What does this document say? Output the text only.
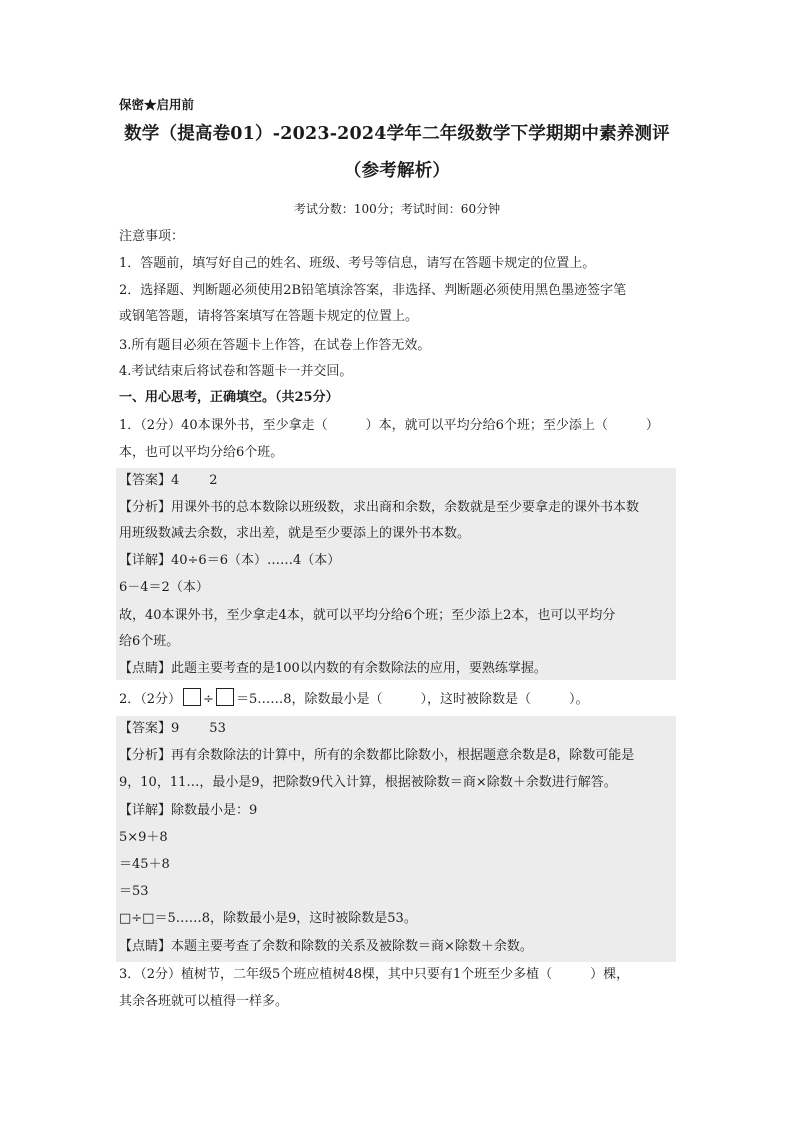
保密★启用前
数学（提高卷01）-2023-2024学年二年级数学下学期期中素养测评
（参考解析）
考试分数：100分；考试时间：60分钟
注意事项：
1．答题前，填写好自己的姓名、班级、考号等信息，请写在答题卡规定的位置上。
2．选择题、判断题必须使用2B铅笔填涂答案，非选择、判断题必须使用黑色墨迹签字笔
或钢笔答题，请将答案填写在答题卡规定的位置上。
3.所有题目必须在答题卡上作答，在试卷上作答无效。
4.考试结束后将试卷和答题卡一并交回。
一、用心思考，正确填空。（共25分）
1．（2分）40本课外书，至少拿走（	）本，就可以平均分给6个班；至少添上（	）
本，也可以平均分给6个班。
【答案】4 2
【分析】用课外书的总本数除以班级数，求出商和余数，余数就是至少要拿走的课外书本数
用班级数减去余数，求出差，就是至少要添上的课外书本数。
【详解】40÷6＝6（本）……4（本）
6－4＝2（本）
故，40本课外书，至少拿走4本，就可以平均分给6个班；至少添上2本，也可以平均分
给6个班。
【点睛】此题主要考查的是100以内数的有余数除法的应用，要熟练掌握。
2．（2分） ÷ ＝5……8，除数最小是（	），这时被除数是（	）。
【答案】9 53
【分析】再有余数除法的计算中，所有的余数都比除数小，根据题意余数是8，除数可能是
9，10，11…，最小是9，把除数9代入计算，根据被除数＝商×除数＋余数进行解答。
【详解】除数最小是：9
5×9＋8
＝45＋8
＝53
□÷□＝5……8，除数最小是9，这时被除数是53。
【点睛】本题主要考查了余数和除数的关系及被除数＝商×除数＋余数。
3．（2分）植树节，二年级5个班应植树48棵，其中只要有1个班至少多植（	）棵，
其余各班就可以植得一样多。
